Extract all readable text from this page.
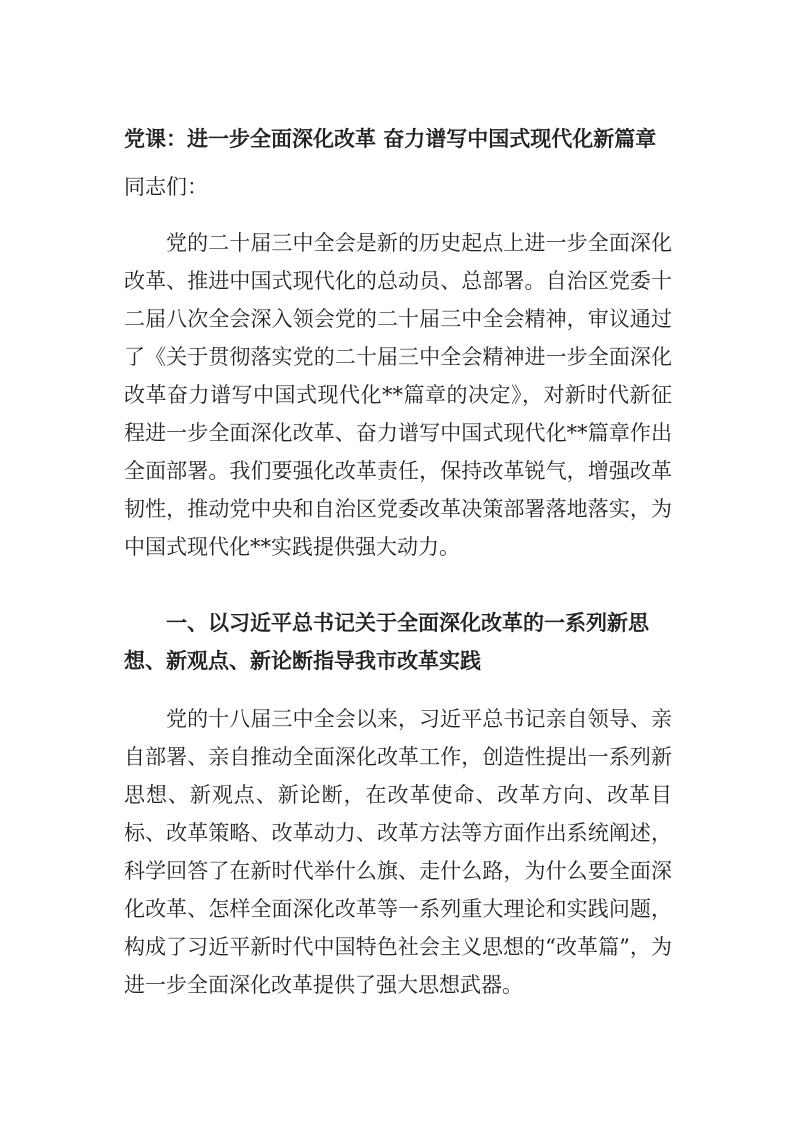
党课：进一步全面深化改革 奋力谱写中国式现代化新篇章
同志们：

党的二十届三中全会是新的历史起点上进一步全面深化改革、推进中国式现代化的总动员、总部署。自治区党委十二届八次全会深入领会党的二十届三中全会精神，审议通过了《关于贯彻落实党的二十届三中全会精神进一步全面深化改革奋力谱写中国式现代化**篇章的决定》，对新时代新征程进一步全面深化改革、奋力谱写中国式现代化**篇章作出全面部署。我们要强化改革责任，保持改革锐气，增强改革韧性，推动党中央和自治区党委改革决策部署落地落实，为中国式现代化**实践提供强大动力。

一、以习近平总书记关于全面深化改革的一系列新思想、新观点、新论断指导我市改革实践

党的十八届三中全会以来，习近平总书记亲自领导、亲自部署、亲自推动全面深化改革工作，创造性提出一系列新思想、新观点、新论断，在改革使命、改革方向、改革目标、改革策略、改革动力、改革方法等方面作出系统阐述，科学回答了在新时代举什么旗、走什么路，为什么要全面深化改革、怎样全面深化改革等一系列重大理论和实践问题，构成了习近平新时代中国特色社会主义思想的“改革篇”，为进一步全面深化改革提供了强大思想武器。
